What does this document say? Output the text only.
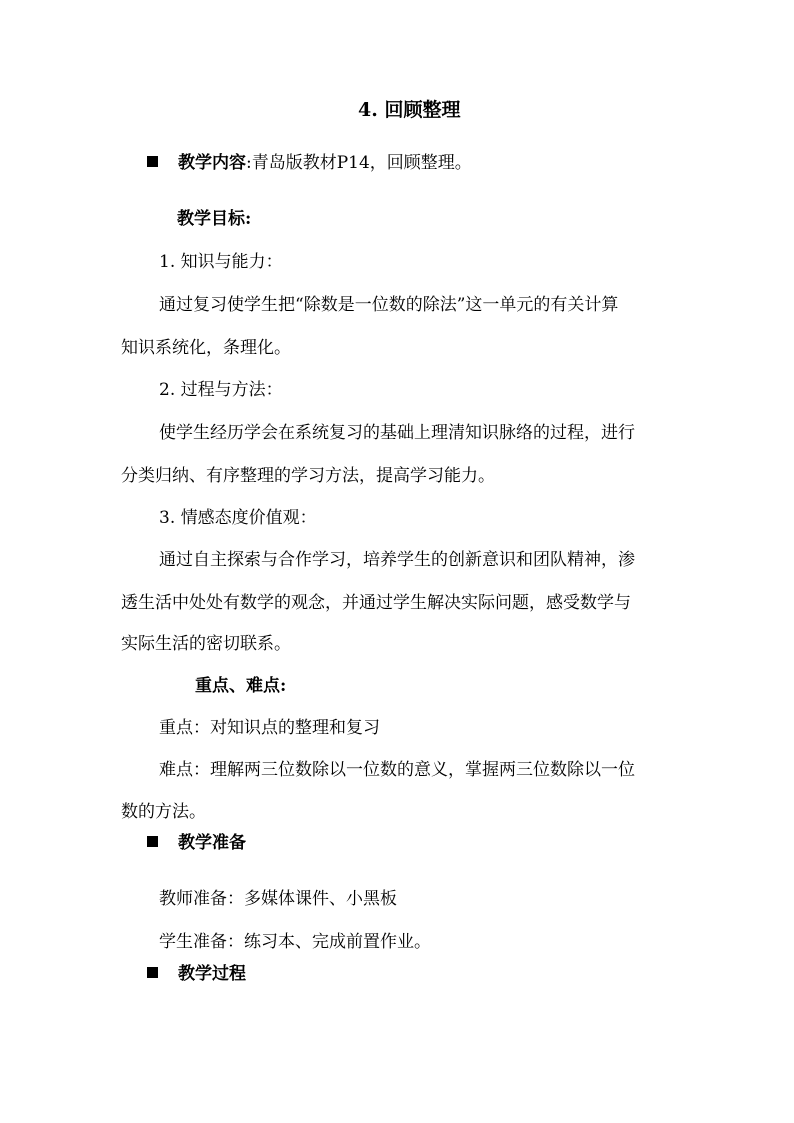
4. 回顾整理
教学内容:青岛版教材P14，回顾整理。
教学目标:
1. 知识与能力：
通过复习使学生把“除数是一位数的除法”这一单元的有关计算
知识系统化，条理化。
2. 过程与方法：
使学生经历学会在系统复习的基础上理清知识脉络的过程，进行
分类归纳、有序整理的学习方法，提高学习能力。
3. 情感态度价值观：
通过自主探索与合作学习，培养学生的创新意识和团队精神，渗
透生活中处处有数学的观念，并通过学生解决实际问题，感受数学与
实际生活的密切联系。
重点、难点:
重点：对知识点的整理和复习
难点：理解两三位数除以一位数的意义，掌握两三位数除以一位
数的方法。
教学准备
教师准备：多媒体课件、小黑板
学生准备：练习本、完成前置作业。
教学过程
